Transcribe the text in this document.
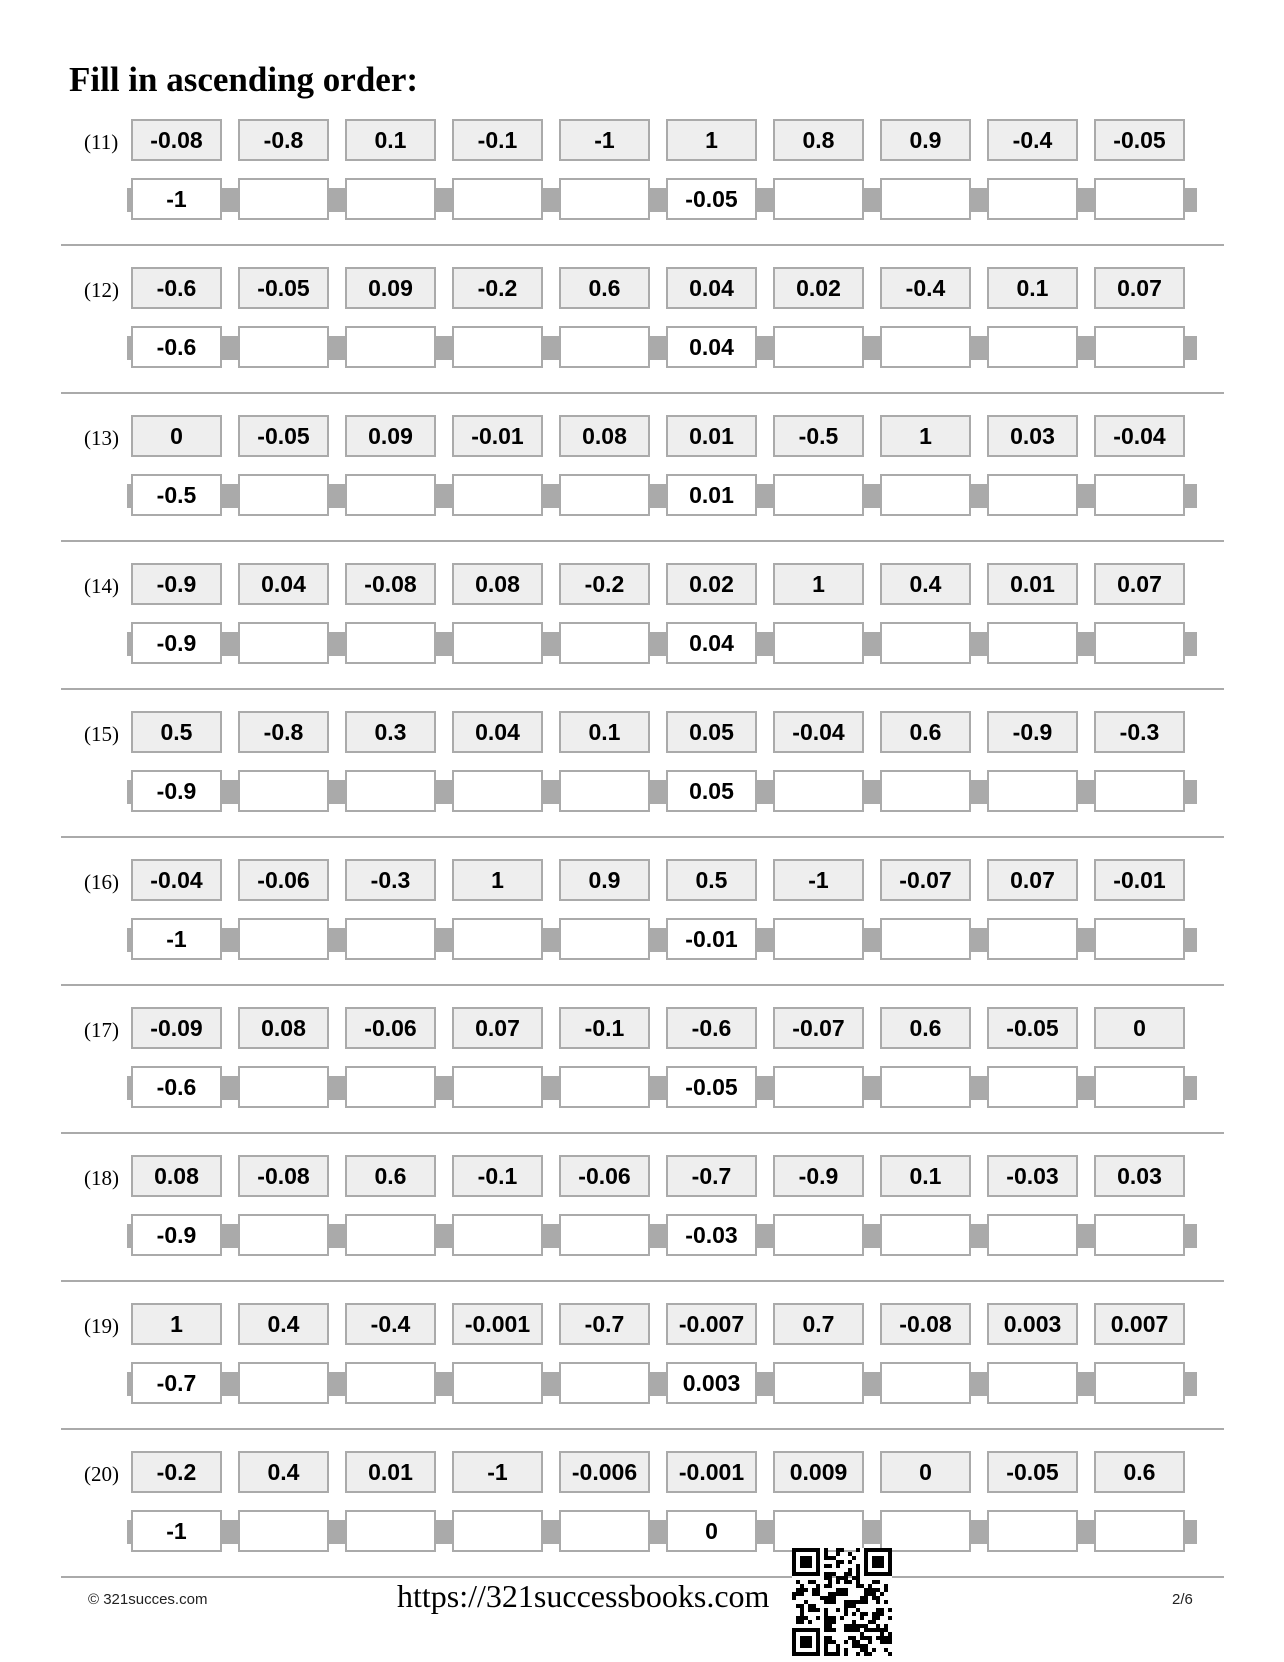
Fill in ascending order:
(11)	-0.08
-1
-0.8	0.1	-0.1	-1	1
-0.05
0.8	0.9	-0.4	-0.05
(12)	-0.6
-0.6
-0.05	0.09	-0.2	0.6	0.04
0.04
0.02	-0.4	0.1	0.07
(13)	0
-0.5
-0.05	0.09	-0.01	0.08	0.01
0.01
-0.5	1	0.03	-0.04
(14)	-0.9
-0.9
0.04	-0.08	0.08	-0.2	0.02
0.04
1	0.4	0.01	0.07
(15)	0.5
-0.9
-0.8	0.3	0.04	0.1	0.05
0.05
-0.04	0.6	-0.9	-0.3
(16)	-0.04
-1
-0.06	-0.3	1	0.9	0.5
-0.01
-1	-0.07	0.07	-0.01
(17)	-0.09
-0.6
0.08	-0.06	0.07	-0.1	-0.6
-0.05
-0.07	0.6	-0.05	0
(18)	0.08
-0.9
-0.08	0.6	-0.1	-0.06	-0.7
-0.03
-0.9	0.1	-0.03	0.03
(19)	1
-0.7
0.4	-0.4	-0.001	-0.7	-0.007
0.003
0.7	-0.08	0.003	0.007
(20)	-0.2
-1
0.4	0.01	-1	-0.006	-0.001
0
0.009	0	-0.05	0.6
© 321succes.com	https://321successbooks.com	2/6
